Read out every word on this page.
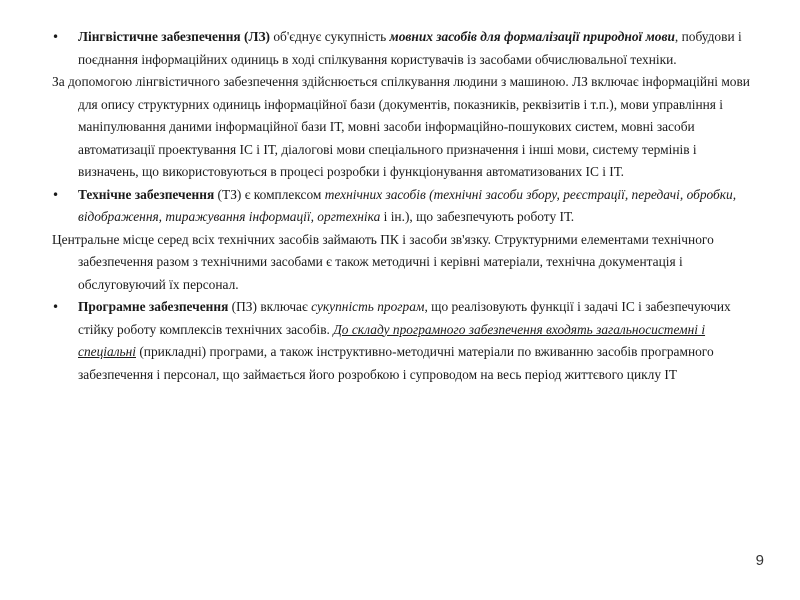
• Лінгвістичне забезпечення (ЛЗ) об'єднує сукупність мовних засобів для формалізації природної мови, побудови і поєднання інформаційних одиниць в ході спілкування користувачів із засобами обчислювальної техніки.
За допомогою лінгвістичного забезпечення здійснюється спілкування людини з машиною. ЛЗ включає інформаційні мови для опису структурних одиниць інформаційної бази (документів, показників, реквізитів і т.п.), мови управління і маніпулювання даними інформаційної бази ІТ, мовні засоби інформаційно-пошукових систем, мовні засоби автоматизації проектування ІС і ІТ, діалогові мови спеціального призначення і інші мови, систему термінів і визначень, що використовуються в процесі розробки і функціонування автоматизованих ІС і ІТ.
• Технічне забезпечення (ТЗ) є комплексом технічних засобів (технічні засоби збору, реєстрації, передачі, обробки, відображення, тиражування інформації, оргтехніка і ін.), що забезпечують роботу ІТ.
Центральне місце серед всіх технічних засобів займають ПК і засоби зв'язку. Структурними елементами технічного забезпечення разом з технічними засобами є також методичні і керівні матеріали, технічна документація і обслуговуючий їх персонал.
• Програмне забезпечення (ПЗ) включає сукупність програм, що реалізовують функції і задачі ІС і забезпечуючих стійку роботу комплексів технічних засобів. До складу програмного забезпечення входять загальносистемні і спеціальні (прикладні) програми, а також інструктивно-методичні матеріали по вживанню засобів програмного забезпечення і персонал, що займається його розробкою і супроводом на весь період життєвого циклу ІТ
9
